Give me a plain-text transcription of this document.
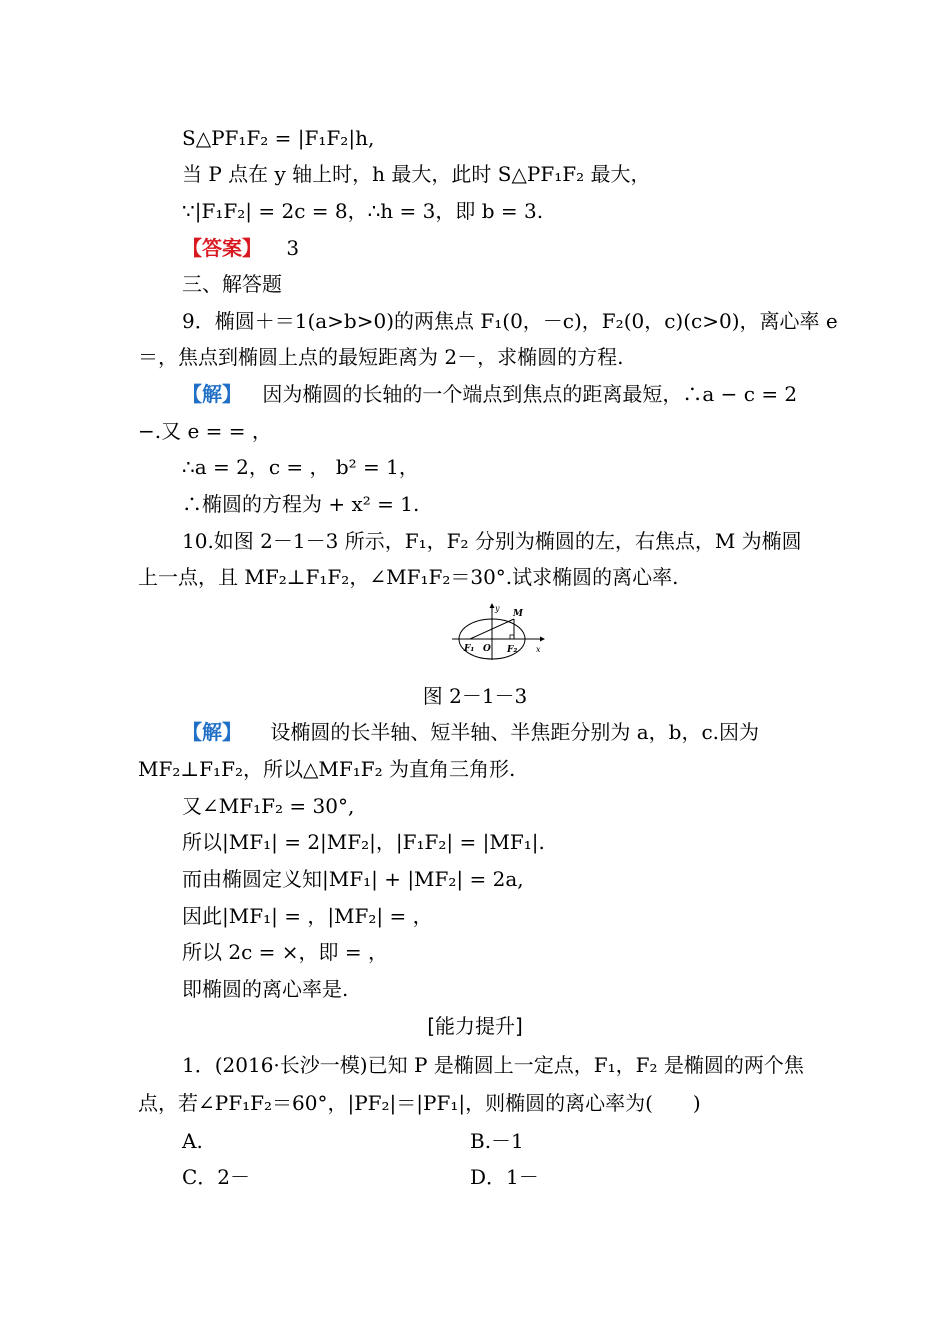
S△PF₁F₂ = |F₁F₂|h,
当 P 点在 y 轴上时，h 最大，此时 S△PF₁F₂ 最大，
∵|F₁F₂| = 2c = 8，∴h = 3，即 b = 3.
【答案】 3
三、解答题
9．椭圆＋＝1(a>b>0)的两焦点 F₁(0，－c)，F₂(0，c)(c>0)，离心率 e
＝，焦点到椭圆上点的最短距离为 2－，求椭圆的方程.
【解】 因为椭圆的长轴的一个端点到焦点的距离最短，∴a − c = 2
−.又 e = = ，
∴a = 2，c = ， b² = 1，
∴椭圆的方程为 + x² = 1.
10.如图 2－1－3 所示，F₁，F₂ 分别为椭圆的左，右焦点，M 为椭圆
上一点，且 MF₂⊥F₁F₂，∠MF₁F₂＝30°.试求椭圆的离心率.
y
M
x
F₁ O F₂
图 2－1－3
【解】 设椭圆的长半轴、短半轴、半焦距分别为 a，b，c.因为
MF₂⊥F₁F₂，所以△MF₁F₂ 为直角三角形.
又∠MF₁F₂ = 30°,
所以|MF₁| = 2|MF₂|，|F₁F₂| = |MF₁|.
而由椭圆定义知|MF₁| + |MF₂| = 2a,
因此|MF₁| = ，|MF₂| = ，
所以 2c = ×，即 = ，
即椭圆的离心率是.
[能力提升]
1．(2016·长沙一模)已知 P 是椭圆上一定点，F₁，F₂ 是椭圆的两个焦
点，若∠PF₁F₂＝60°，|PF₂|＝|PF₁|，则椭圆的离心率为(　　)
A.	B.－1
C．2－	D．1－
